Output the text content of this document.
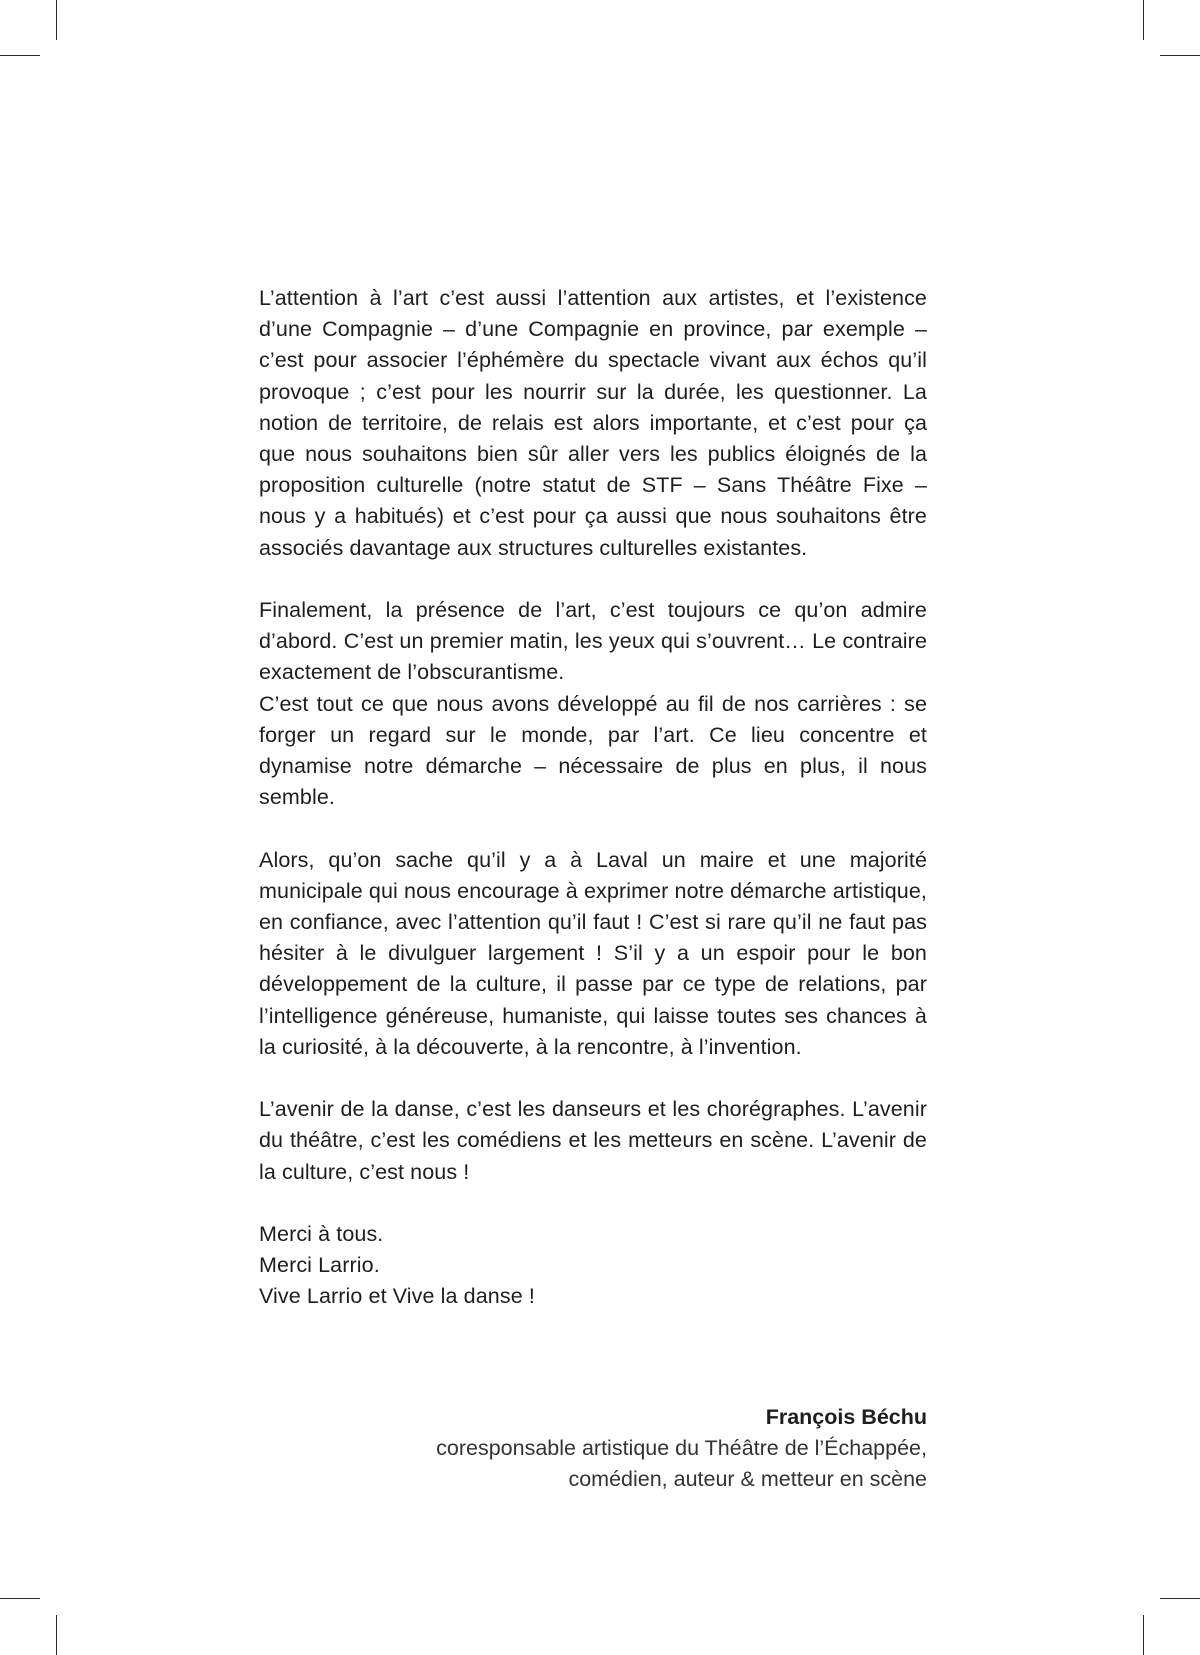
L’attention à l’art c’est aussi l’attention aux artistes, et l’existence d’une Compagnie – d’une Compagnie en province, par exemple – c’est pour associer l’éphémère du spectacle vivant aux échos qu’il provoque ; c’est pour les nourrir sur la durée, les questionner. La notion de territoire, de relais est alors importante, et c’est pour ça que nous souhaitons bien sûr aller vers les publics éloignés de la proposition culturelle (notre statut de STF – Sans Théâtre Fixe – nous y a habitués) et c’est pour ça aussi que nous souhaitons être associés davantage aux structures culturelles existantes.

Finalement, la présence de l’art, c’est toujours ce qu’on admire d’abord. C’est un premier matin, les yeux qui s’ouvrent… Le contraire exactement de l’obscurantisme.

C’est tout ce que nous avons développé au fil de nos carrières : se forger un regard sur le monde, par l’art. Ce lieu concentre et dynamise notre démarche – nécessaire de plus en plus, il nous semble.

Alors, qu’on sache qu’il y a à Laval un maire et une majorité municipale qui nous encourage à exprimer notre démarche artistique, en confiance, avec l’attention qu’il faut ! C’est si rare qu’il ne faut pas hésiter à le divulguer largement ! S’il y a un espoir pour le bon développement de la culture, il passe par ce type de relations, par l’intelligence généreuse, humaniste, qui laisse toutes ses chances à la curiosité, à la découverte, à la rencontre, à l’invention.

L’avenir de la danse, c’est les danseurs et les chorégraphes. L’avenir du théâtre, c’est les comédiens et les metteurs en scène. L’avenir de la culture, c’est nous !

Merci à tous.
Merci Larrio.
Vive Larrio et Vive la danse !
François Béchu
coresponsable artistique du Théâtre de l’Échappée,
comédien, auteur & metteur en scène
